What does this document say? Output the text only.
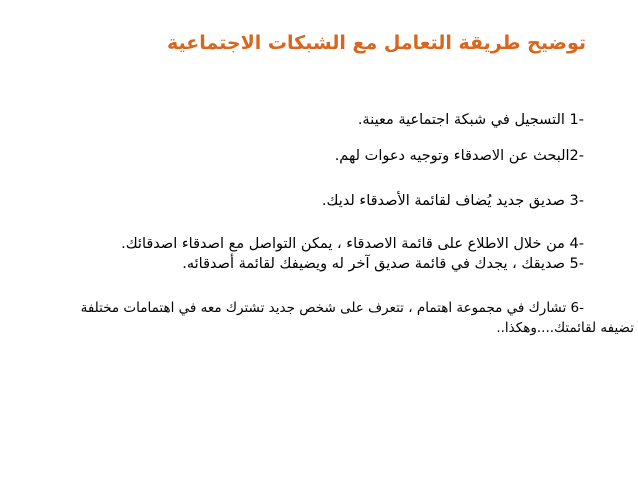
توضيح طريقة التعامل مع الشبكات الاجتماعية
1- التسجيل في شبكة اجتماعية معينة.
2-البحث عن الاصدقاء وتوجيه دعوات لهم.
3- صديق جديد يُضاف لقائمة الأصدقاء لديك.
4- من خلال الاطلاع على قائمة الاصدقاء ، يمكن التواصل مع اصدقاء اصدقائك.
5- صديقك ، يجدك في قائمة صديق آخر له ويضيفك لقائمة أصدقائه.
6- تشارك في مجموعة اهتمام ، تتعرف على شخص جديد تشترك معه في اهتمامات مختلفة
تضيفه لقائمتك....وهكذا..
